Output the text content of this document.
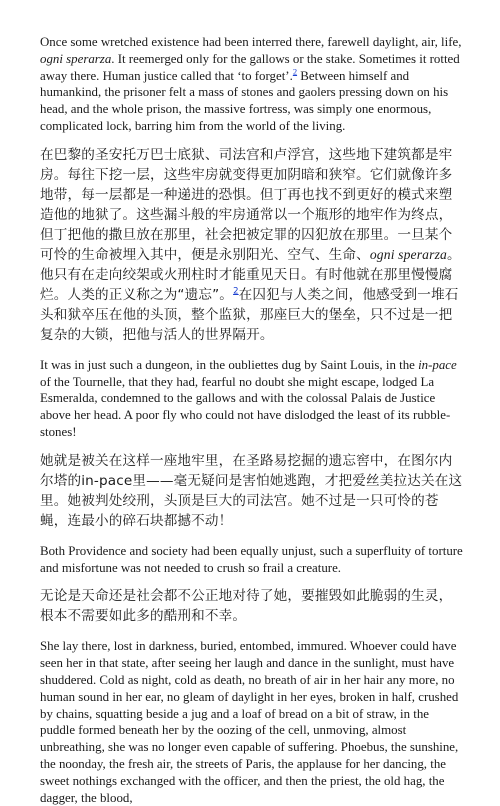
Once some wretched existence had been interred there, farewell daylight, air, life, ogni sperarza. It reemerged only for the gallows or the stake. Sometimes it rotted away there. Human justice called that ‘to forget’.$^2$ Between himself and humankind, the prisoner felt a mass of stones and gaolers pressing down on his head, and the whole prison, the massive fortress, was simply one enormous, complicated lock, barring him from the world of the living.

在巴黎的圣安托万巴士底狱、司法宫和卢浮宫，这些地下建筑都是牢房。每往下挖一层，这些牢房就变得更加阴暗和狭窄。它们就像许多地带，每一层都是一种递进的恐惧。但丁再也找不到更好的模式来塑造他的地狱了。这些漏斗般的牢房通常以一个瓶形的地牢作为终点，但丁把他的撒旦放在那里，社会把被定罪的囚犯放在那里。一旦某个可怜的生命被埋入其中，便是永别阳光、空气、生命、ogni sperarza。他只有在走向绞架或火刑柱时才能重见天日。有时他就在那里慢慢腐烂。人类的正义称之为“遗忘”。$^2$在囚犯与人类之间，他感受到一堆石头和狱卒压在他的头顶，整个监狱，那座巨大的堡垒，只不过是一把复杂的大锁，把他与活人的世界隔开。

It was in just such a dungeon, in the oubliettes dug by Saint Louis, in the in-pace of the Tournelle, that they had, fearful no doubt she might escape, lodged La Esmeralda, condemned to the gallows and with the colossal Palais de Justice above her head. A poor fly who could not have dislodged the least of its rubble-stones!

她就是被关在这样一座地牢里，在圣路易挖掘的遗忘窖中，在图尔内尔塔的in-pace里——毫无疑问是害怕她逃跑，才把爱丝美拉达关在这里。她被判处绞刑，头顶是巨大的司法宫。她不过是一只可怜的苍蝇，连最小的碎石块都撼不动！

Both Providence and society had been equally unjust, such a superfluity of torture and misfortune was not needed to crush so frail a creature.

无论是天命还是社会都不公正地对待了她，要摧毁如此脆弱的生灵，根本不需要如此多的酷刑和不幸。

She lay there, lost in darkness, buried, entombed, immured. Whoever could have seen her in that state, after seeing her laugh and dance in the sunlight, must have shuddered. Cold as night, cold as death, no breath of air in her hair any more, no human sound in her ear, no gleam of daylight in her eyes, broken in half, crushed by chains, squatting beside a jug and a loaf of bread on a bit of straw, in the puddle formed beneath her by the oozing of the cell, unmoving, almost unbreathing, she was no longer even capable of suffering. Phoebus, the sunshine, the noonday, the fresh air, the streets of Paris, the applause for her dancing, the sweet nothings exchanged with the officer, and then the priest, the old hag, the dagger, the blood,
